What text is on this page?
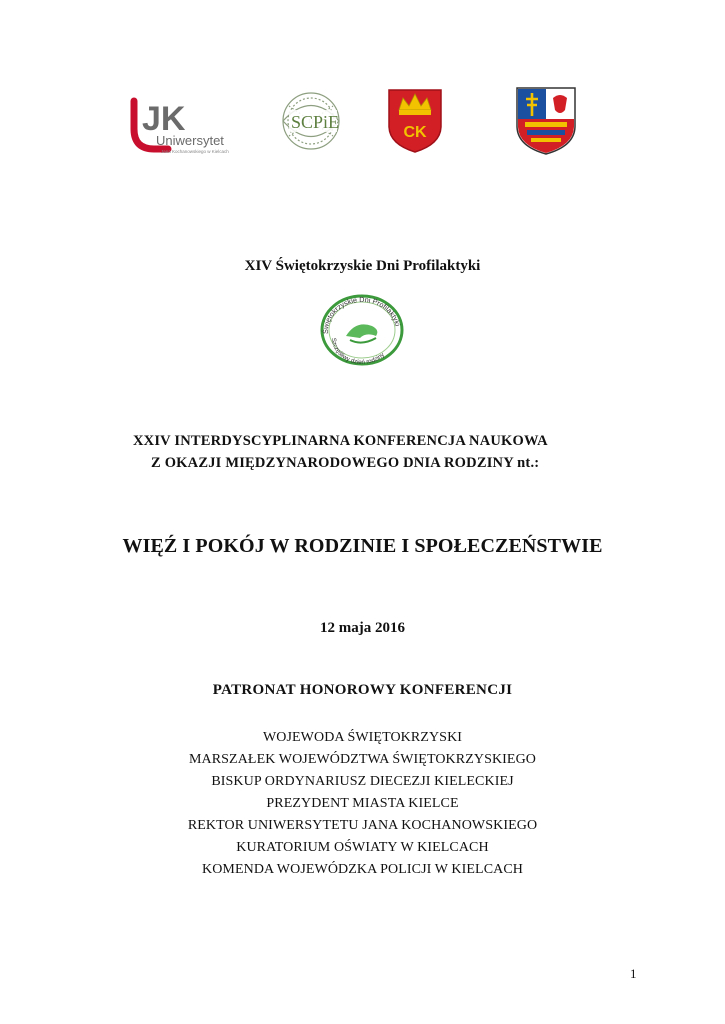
JK
Uniwersytet
Jana Kochanowskiego w Kielcach
SCPiE
CK
XIV Świętokrzyskie Dni Profilaktyki
Świętokrzyskie Dni Profilaktyki
Szczęśliwy dzień rodziny
XXIV INTERDYSCYPLINARNA KONFERENCJA NAUKOWA
Z OKAZJI MIĘDZYNARODOWEGO DNIA RODZINY nt.:
WIĘŹ I POKÓJ W RODZINIE I SPOŁECZEŃSTWIE
12 maja 2016
PATRONAT HONOROWY KONFERENCJI
WOJEWODA ŚWIĘTOKRZYSKI
MARSZAŁEK WOJEWÓDZTWA ŚWIĘTOKRZYSKIEGO
BISKUP ORDYNARIUSZ DIECEZJI KIELECKIEJ
PREZYDENT MIASTA KIELCE
REKTOR UNIWERSYTETU JANA KOCHANOWSKIEGO
KURATORIUM OŚWIATY W KIELCACH
KOMENDA WOJEWÓDZKA POLICJI W KIELCACH
1
